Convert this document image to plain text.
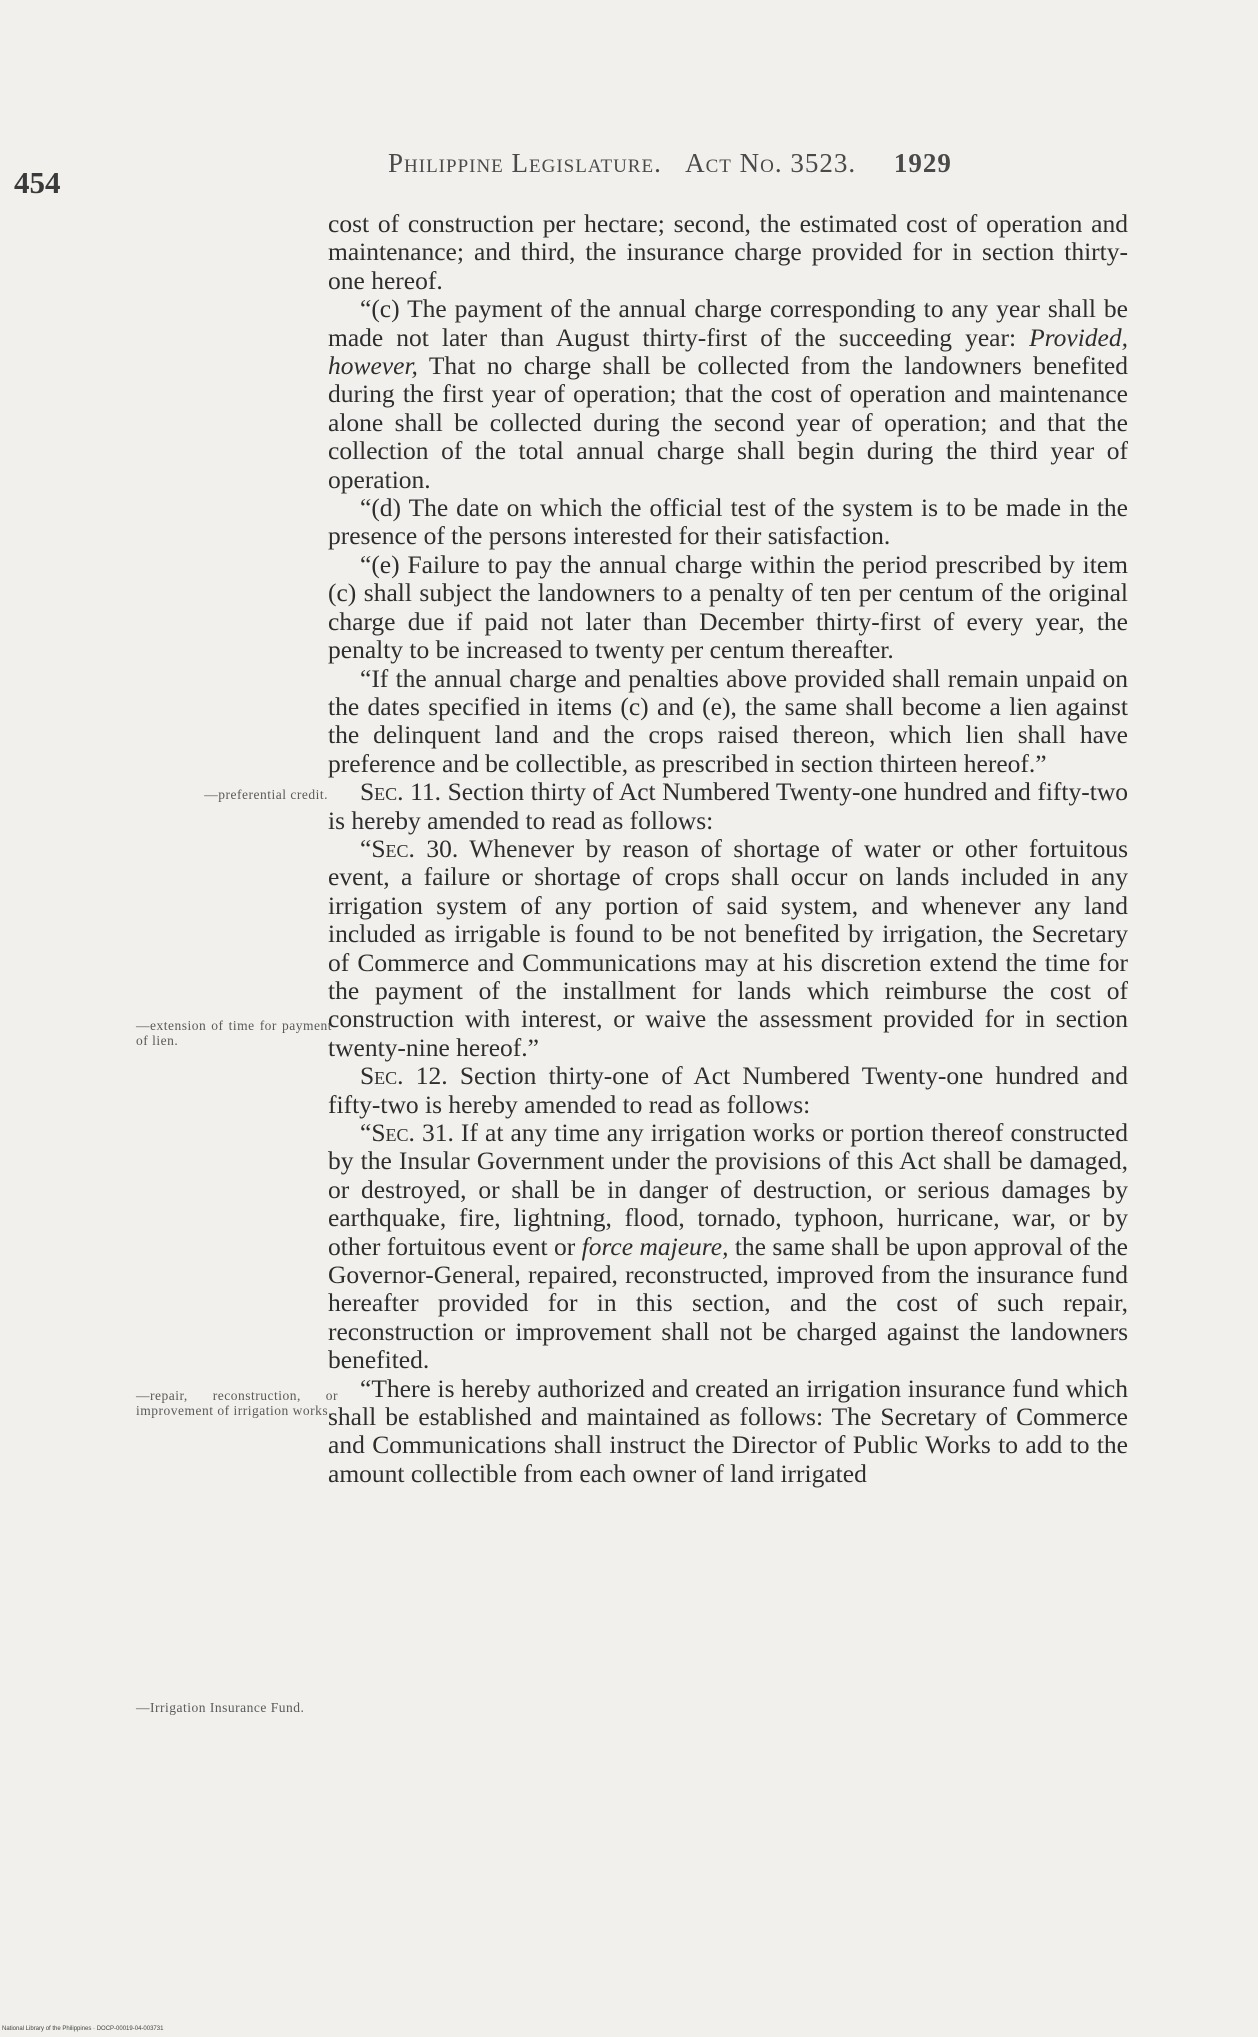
454
Philippine Legislature. Act No. 3523. 1929
—preferential credit.
—extension of time for payment of lien.
—repair, reconstruction, or improvement of irrigation works.
—Irrigation Insurance Fund.

cost of construction per hectare; second, the estimated cost of operation and maintenance; and third, the insurance charge provided for in section thirty-one hereof.

“(c) The payment of the annual charge corresponding to any year shall be made not later than August thirty-first of the succeeding year: Provided, however, That no charge shall be collected from the landowners benefited during the first year of operation; that the cost of operation and maintenance alone shall be collected during the second year of operation; and that the collection of the total annual charge shall begin during the third year of operation.

“(d) The date on which the official test of the system is to be made in the presence of the persons interested for their satisfaction.

“(e) Failure to pay the annual charge within the period prescribed by item (c) shall subject the landowners to a penalty of ten per centum of the original charge due if paid not later than December thirty-first of every year, the penalty to be increased to twenty per centum thereafter.

“If the annual charge and penalties above provided shall remain unpaid on the dates specified in items (c) and (e), the same shall become a lien against the delinquent land and the crops raised thereon, which lien shall have preference and be collectible, as prescribed in section thirteen hereof.”

Sec. 11. Section thirty of Act Numbered Twenty-one hundred and fifty-two is hereby amended to read as follows:

“Sec. 30. Whenever by reason of shortage of water or other fortuitous event, a failure or shortage of crops shall occur on lands included in any irrigation system of any portion of said system, and whenever any land included as irrigable is found to be not benefited by irrigation, the Secretary of Commerce and Communications may at his discretion extend the time for the payment of the installment for lands which reimburse the cost of construction with interest, or waive the assessment provided for in section twenty-nine hereof.”

Sec. 12. Section thirty-one of Act Numbered Twenty-one hundred and fifty-two is hereby amended to read as follows:

“Sec. 31. If at any time any irrigation works or portion thereof constructed by the Insular Government under the provisions of this Act shall be damaged, or destroyed, or shall be in danger of destruction, or serious damages by earthquake, fire, lightning, flood, tornado, typhoon, hurricane, war, or by other fortuitous event or force majeure, the same shall be upon approval of the Governor-General, repaired, reconstructed, improved from the insurance fund hereafter provided for in this section, and the cost of such repair, reconstruction or improvement shall not be charged against the landowners benefited.

“There is hereby authorized and created an irrigation insurance fund which shall be established and maintained as follows: The Secretary of Commerce and Communications shall instruct the Director of Public Works to add to the amount collectible from each owner of land irrigated

National Library of the Philippines · DOCP-00019-04-003731
